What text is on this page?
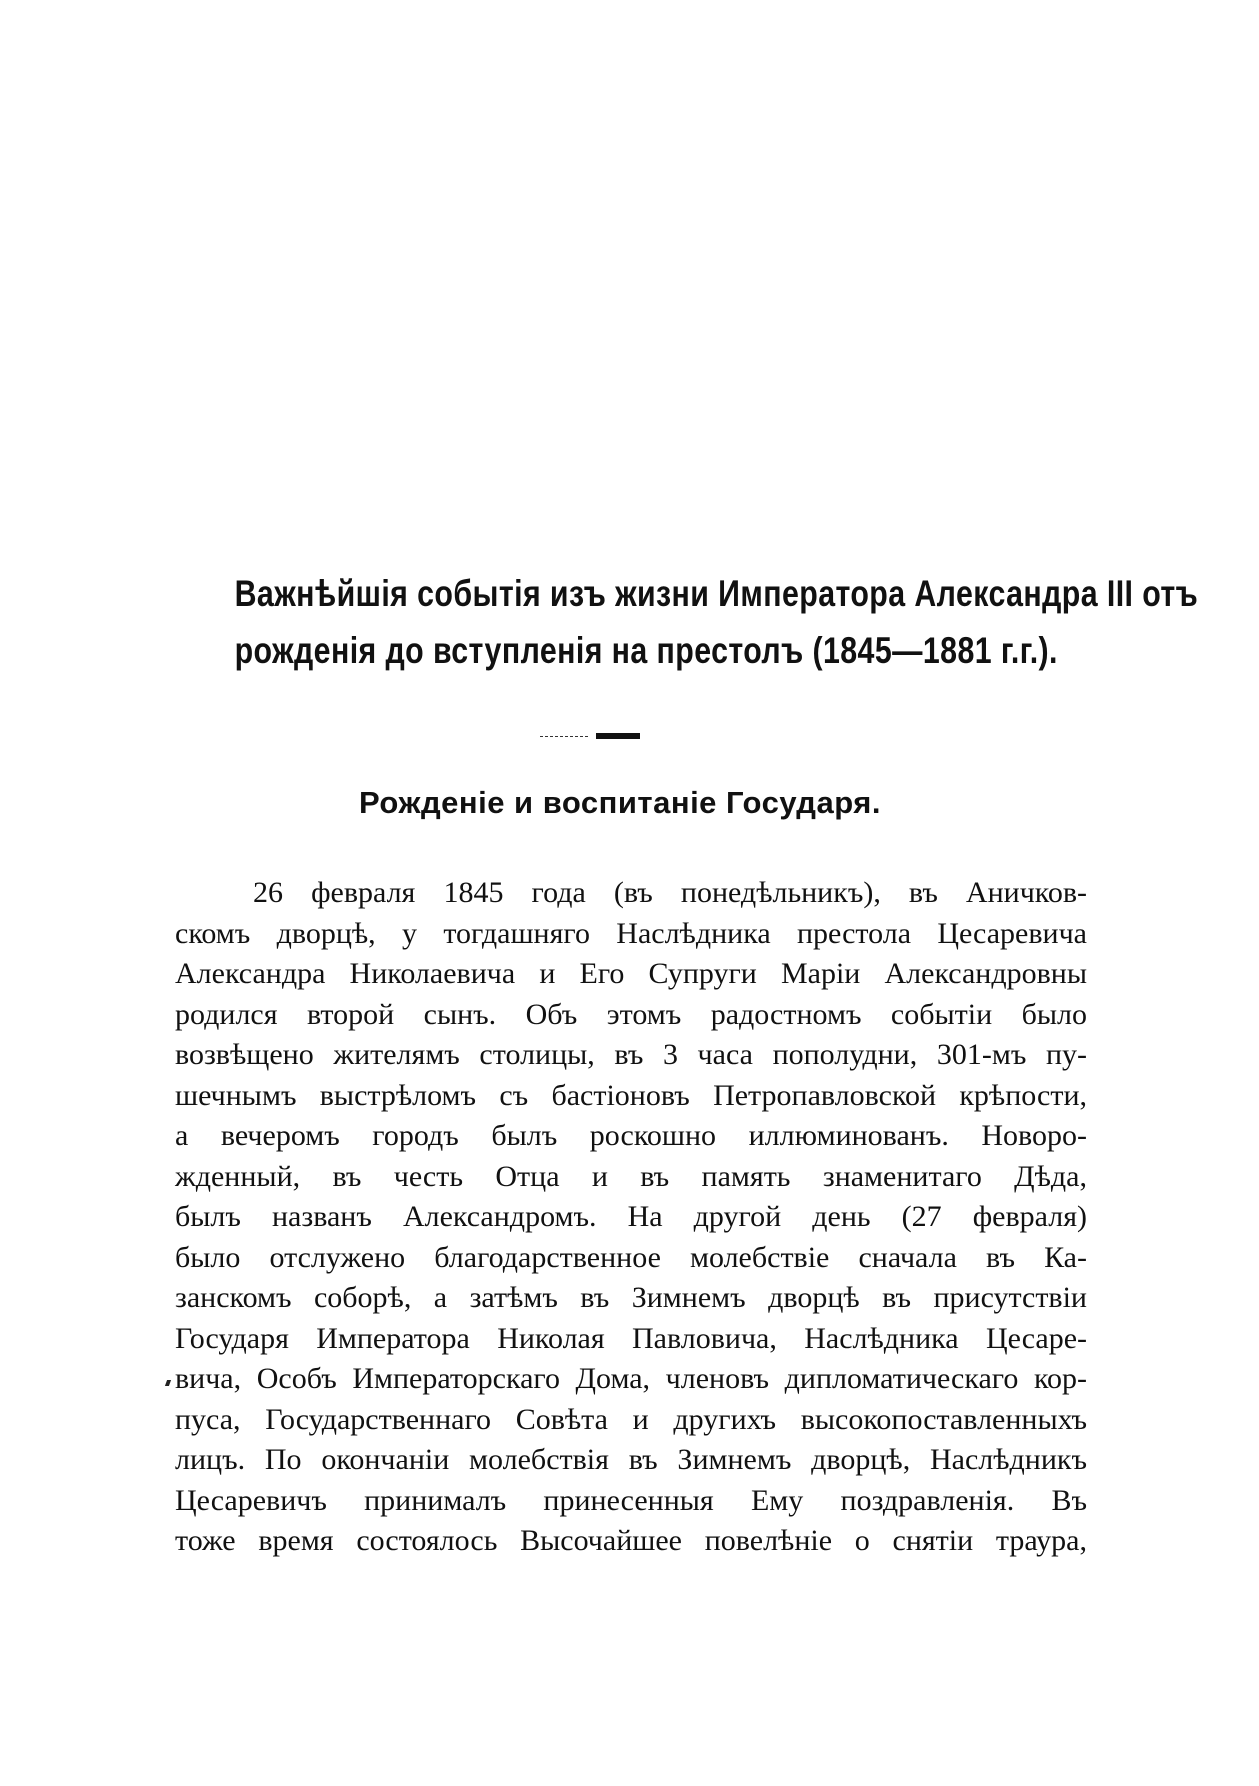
Важнѣйшія событія изъ жизни Императора Александра III отъ
рожденія до вступленія на престолъ (1845—1881 г.г.).
Рожденіе и воспитаніе Государя.
26 февраля 1845 года (въ понедѣльникъ), въ Аничков-
скомъ дворцѣ, у тогдашняго Наслѣдника престола Цесаревича
Александра Николаевича и Его Супруги Маріи Александровны
родился второй сынъ. Объ этомъ радостномъ событіи было
возвѣщено жителямъ столицы, въ 3 часа пополудни, 301-мъ пу-
шечнымъ выстрѣломъ съ бастіоновъ Петропавловской крѣпости,
а вечеромъ городъ былъ роскошно иллюминованъ. Новоро-
жденный, въ честь Отца и въ память знаменитаго Дѣда,
былъ названъ Александромъ. На другой день (27 февраля)
было отслужено благодарственное молебствіе сначала въ Ка-
занскомъ соборѣ, а затѣмъ въ Зимнемъ дворцѣ въ присутствіи
Государя Императора Николая Павловича, Наслѣдника Цесаре-
вича, Особъ Императорскаго Дома, членовъ дипломатическаго кор-
пуса, Государственнаго Совѣта и другихъ высокопоставленныхъ
лицъ. По окончаніи молебствія въ Зимнемъ дворцѣ, Наслѣдникъ
Цесаревичъ принималъ принесенныя Ему поздравленія. Въ
тоже время состоялось Высочайшее повелѣніе о снятіи траура,
